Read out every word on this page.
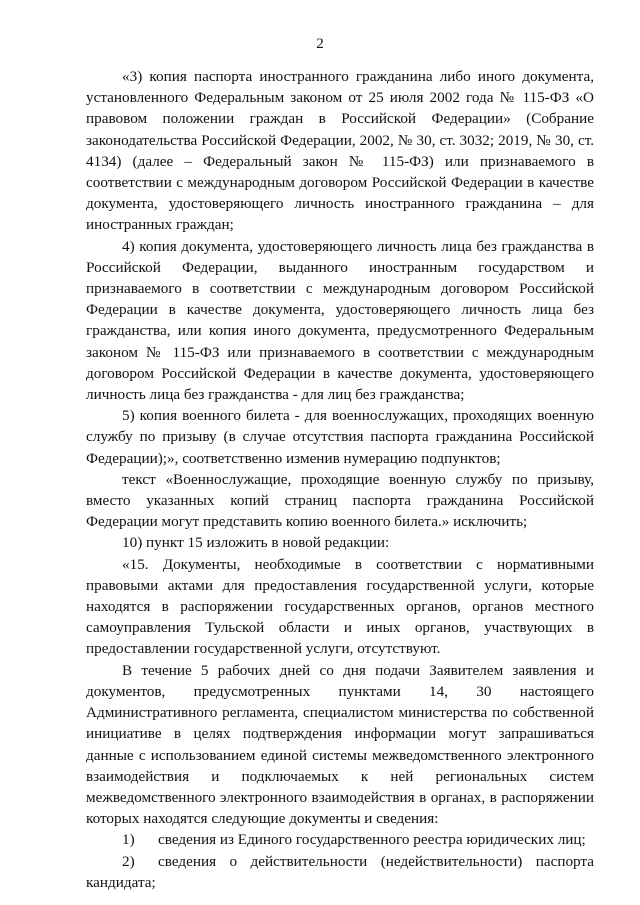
2

«3) копия паспорта иностранного гражданина либо иного документа, установленного Федеральным законом от 25 июля 2002 года № 115-ФЗ «О правовом положении граждан в Российской Федерации» (Собрание законодательства Российской Федерации, 2002, № 30, ст. 3032; 2019, № 30, ст. 4134) (далее – Федеральный закон № 115-ФЗ) или признаваемого в соответствии с международным договором Российской Федерации в качестве документа, удостоверяющего личность иностранного гражданина – для иностранных граждан;

4) копия документа, удостоверяющего личность лица без гражданства в Российской Федерации, выданного иностранным государством и признаваемого в соответствии с международным договором Российской Федерации в качестве документа, удостоверяющего личность лица без гражданства, или копия иного документа, предусмотренного Федеральным законом № 115-ФЗ или признаваемого в соответствии с международным договором Российской Федерации в качестве документа, удостоверяющего личность лица без гражданства - для лиц без гражданства;

5) копия военного билета - для военнослужащих, проходящих военную службу по призыву (в случае отсутствия паспорта гражданина Российской Федерации);», соответственно изменив нумерацию подпунктов;

текст «Военнослужащие, проходящие военную службу по призыву, вместо указанных копий страниц паспорта гражданина Российской Федерации могут представить копию военного билета.» исключить;

10) пункт 15 изложить в новой редакции:

«15. Документы, необходимые в соответствии с нормативными правовыми актами для предоставления государственной услуги, которые находятся в распоряжении государственных органов, органов местного самоуправления Тульской области и иных органов, участвующих в предоставлении государственной услуги, отсутствуют.

В течение 5 рабочих дней со дня подачи Заявителем заявления и документов, предусмотренных пунктами 14, 30 настоящего Административного регламента, специалистом министерства по собственной инициативе в целях подтверждения информации могут запрашиваться данные с использованием единой системы межведомственного электронного взаимодействия и подключаемых к ней региональных систем межведомственного электронного взаимодействия в органах, в распоряжении которых находятся следующие документы и сведения:

1) сведения из Единого государственного реестра юридических лиц;

2) сведения о действительности (недействительности) паспорта кандидата;
